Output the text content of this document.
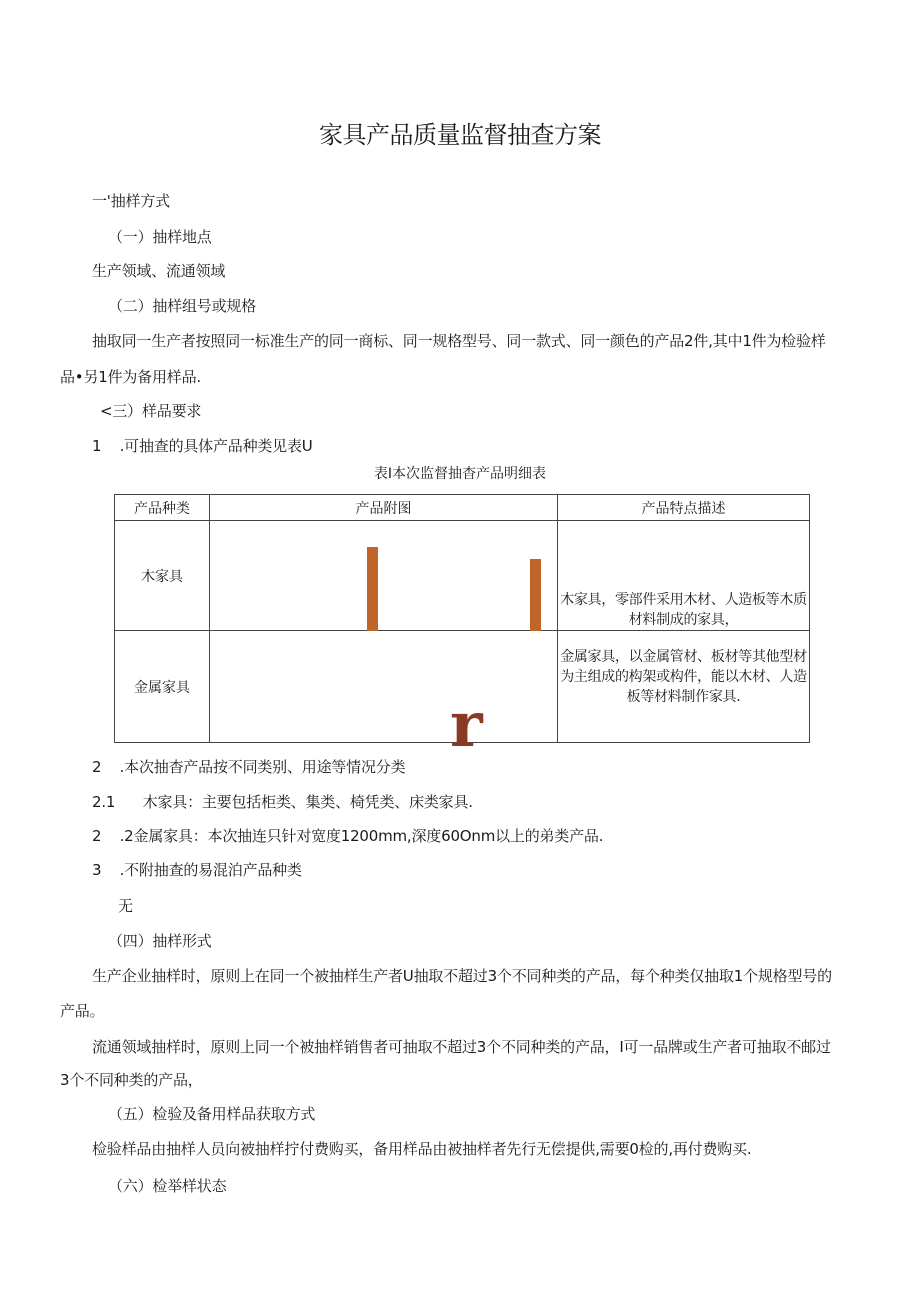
家具产品质量监督抽查方案
一'抽样方式
（一）抽样地点
生产领域、流通领域
（二）抽样组号或规格
抽取同一生产者按照同一标准生产的同一商标、同一规格型号、同一款式、同一颜色的产品2件,其中1件为检验样
品•另1件为备用样品.
<三）样品要求
1    .可抽查的具体产品种类见表U
表I本次监督抽杳产品明细表
产品种类	产品附图	产品特点描述
木家具		木家具，零部件采用木材、人造板等木质材料制成的家具，
金属家具	r	金属家具，以金属管材、板材等其他型材为主组成的构架或构件，能以木材、人造板等材料制作家具.
2    .本次抽杳产品按不同类别、用途等情况分类
2.1      木家具：主要包括柜类、集类、椅凭类、床类家具.
2    .2金属家具：本次抽连只针对宽度1200mm,深度60Onm以上的弟类产品.
3    .不附抽查的易混泊产品种类
无
（四）抽样形式
生产企业抽样时，原则上在同一个被抽样生产者U抽取不超过3个不同种类的产品，每个种类仅抽取1个规格型号的
产品。
流通领域抽样时，原则上同一个被抽样销售者可抽取不超过3个不同种类的产品，I可一品牌或生产者可抽取不邮过
3个不同种类的产品，
（五）检验及备用样品获取方式
检验样品由抽样人员向被抽样拧付费购买，备用样品由被抽样者先行无偿提供,需要0检的,再付费购买.
（六）检举样状态
